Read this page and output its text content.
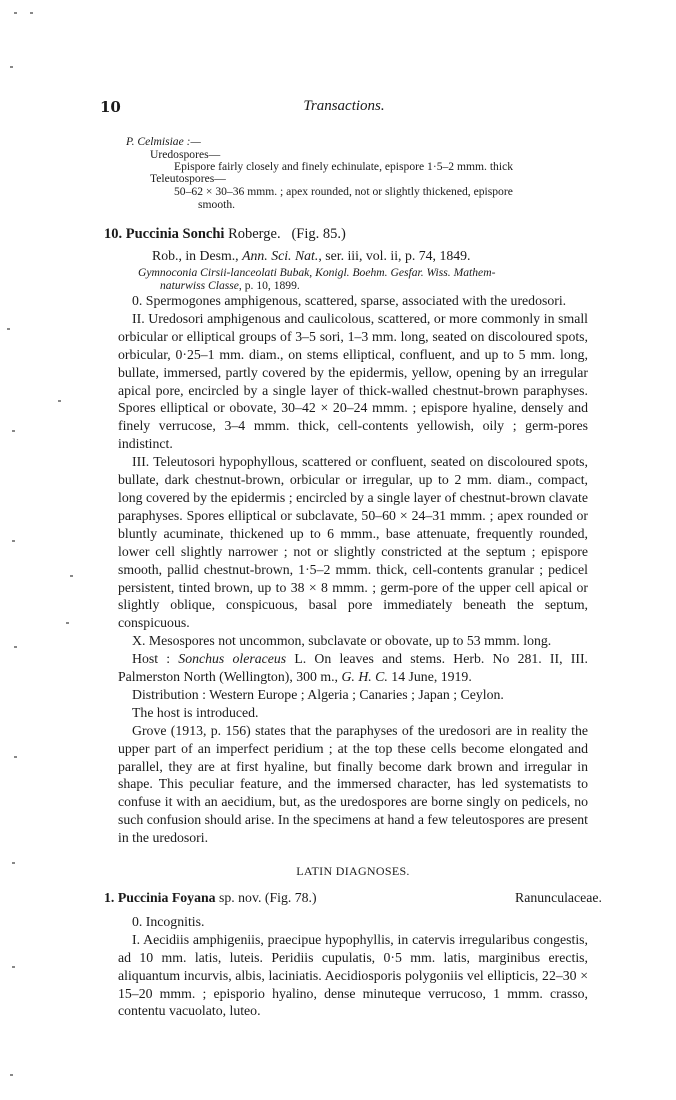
10	Transactions.
P. Celmisiae :—
Uredospores—
Epispore fairly closely and finely echinulate, epispore 1·5–2 mmm. thick
Teleutospores—
50–62 × 30–36 mmm. ; apex rounded, not or slightly thickened, epispore
smooth.
10. Puccinia Sonchi Roberge. (Fig. 85.)
Rob., in Desm., Ann. Sci. Nat., ser. iii, vol. ii, p. 74, 1849.
Gymnoconia Cirsii-lanceolati Bubak, Konigl. Boehm. Gesfar. Wiss. Mathem-
naturwiss Classe, p. 10, 1899.
0. Spermogones amphigenous, scattered, sparse, associated with the uredosori.
II. Uredosori amphigenous and caulicolous, scattered, or more commonly in small orbicular or elliptical groups of 3–5 sori, 1–3 mm. long, seated on discoloured spots, orbicular, 0·25–1 mm. diam., on stems elliptical, confluent, and up to 5 mm. long, bullate, immersed, partly covered by the epidermis, yellow, opening by an irregular apical pore, encircled by a single layer of thick-walled chestnut-brown paraphyses. Spores elliptical or obovate, 30–42 × 20–24 mmm. ; epispore hyaline, densely and finely verrucose, 3–4 mmm. thick, cell-contents yellowish, oily ; germ-pores indistinct.
III. Teleutosori hypophyllous, scattered or confluent, seated on discoloured spots, bullate, dark chestnut-brown, orbicular or irregular, up to 2 mm. diam., compact, long covered by the epidermis ; encircled by a single layer of chestnut-brown clavate paraphyses. Spores elliptical or subclavate, 50–60 × 24–31 mmm. ; apex rounded or bluntly acuminate, thickened up to 6 mmm., base attenuate, frequently rounded, lower cell slightly narrower ; not or slightly constricted at the septum ; epispore smooth, pallid chestnut-brown, 1·5–2 mmm. thick, cell-contents granular ; pedicel persistent, tinted brown, up to 38 × 8 mmm. ; germ-pore of the upper cell apical or slightly oblique, conspicuous, basal pore immediately beneath the septum, conspicuous.
X. Mesospores not uncommon, subclavate or obovate, up to 53 mmm. long.
Host : Sonchus oleraceus L. On leaves and stems. Herb. No 281. II, III. Palmerston North (Wellington), 300 m., G. H. C. 14 June, 1919.
Distribution : Western Europe ; Algeria ; Canaries ; Japan ; Ceylon.
The host is introduced.
Grove (1913, p. 156) states that the paraphyses of the uredosori are in reality the upper part of an imperfect peridium ; at the top these cells become elongated and parallel, they are at first hyaline, but finally become dark brown and irregular in shape. This peculiar feature, and the immersed character, has led systematists to confuse it with an aecidium, but, as the uredospores are borne singly on pedicels, no such confusion should arise. In the specimens at hand a few teleutospores are present in the uredosori.
LATIN DIAGNOSES.
1. Puccinia Foyana sp. nov. (Fig. 78.)	Ranunculaceae.
0. Incognitis.
I. Aecidiis amphigeniis, praecipue hypophyllis, in catervis irregularibus congestis, ad 10 mm. latis, luteis. Peridiis cupulatis, 0·5 mm. latis, marginibus erectis, aliquantum incurvis, albis, laciniatis. Aecidiosporis polygoniis vel ellipticis, 22–30 × 15–20 mmm. ; episporio hyalino, dense minuteque verrucoso, 1 mmm. crasso, contentu vacuolato, luteo.
